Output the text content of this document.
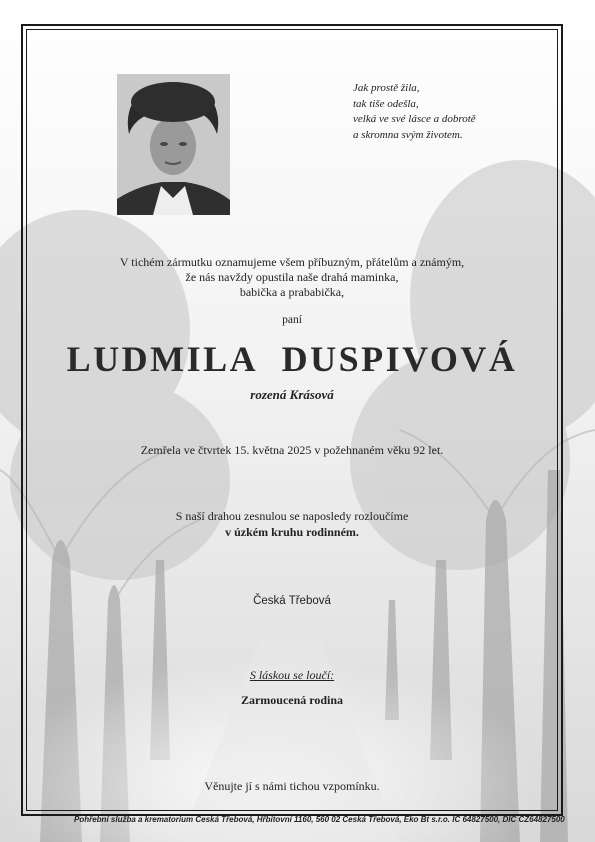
Jak prostě žila,
tak tiše odešla,
velká ve své lásce a dobrotě
a skromna svým životem.
V tichém zármutku oznamujeme všem příbuzným, přátelům a známým,
že nás navždy opustila naše drahá maminka,
babička a prababička,
paní
LUDMILA DUSPIVOVÁ
rozená Krásová
Zemřela ve čtvrtek 15. května 2025 v požehnaném věku 92 let.
S naší drahou zesnulou se naposledy rozloučíme
v úzkém kruhu rodinném.
Česká Třebová
S láskou se loučí:
Zarmoucená rodina
Věnujte jí s námi tichou vzpomínku.
Pohřební služba a krematorium Česká Třebová, Hřbitovní 1160, 560 02 Česká Třebová, Eko Bt s.r.o. IČ 64827500, DIČ CZ64827500
